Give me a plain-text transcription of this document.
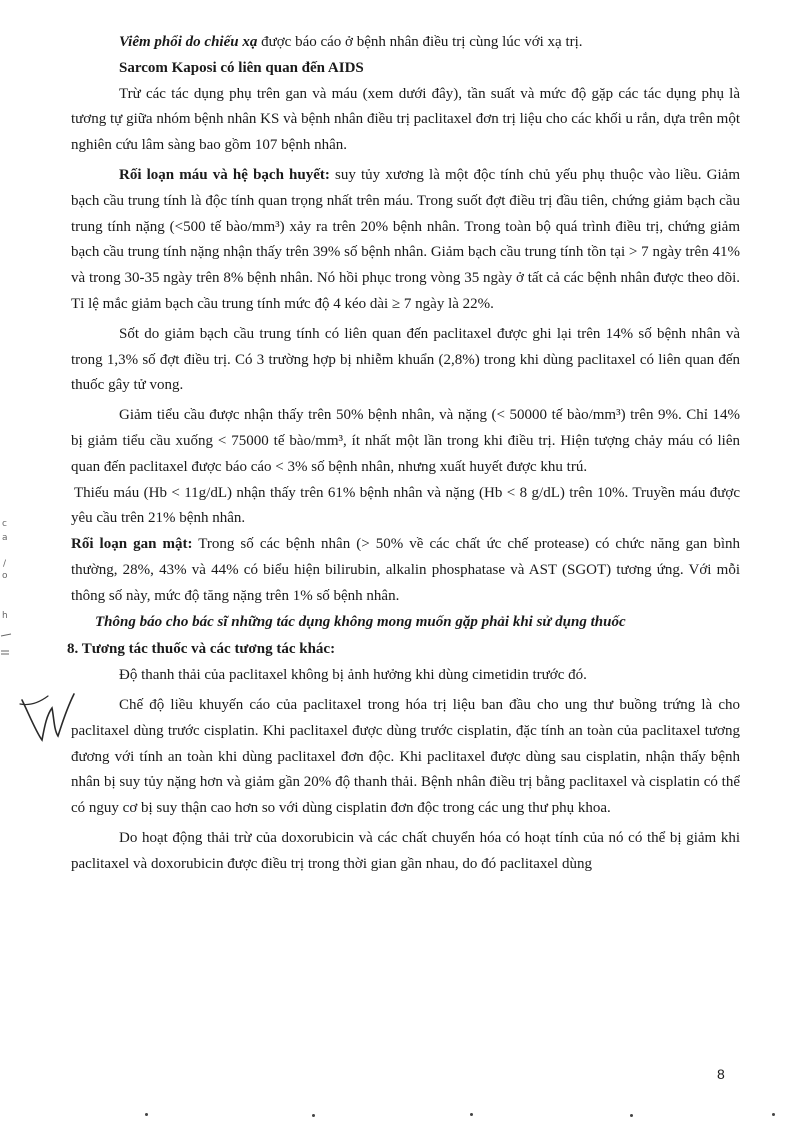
Viêm phổi do chiếu xạ được báo cáo ở bệnh nhân điều trị cùng lúc với xạ trị.

Sarcom Kaposi có liên quan đến AIDS

Trừ các tác dụng phụ trên gan và máu (xem dưới đây), tần suất và mức độ gặp các tác dụng phụ là tương tự giữa nhóm bệnh nhân KS và bệnh nhân điều trị paclitaxel đơn trị liệu cho các khối u rắn, dựa trên một nghiên cứu lâm sàng bao gồm 107 bệnh nhân.

Rối loạn máu và hệ bạch huyết: suy tủy xương là một độc tính chủ yếu phụ thuộc vào liều. Giảm bạch cầu trung tính là độc tính quan trọng nhất trên máu. Trong suốt đợt điều trị đầu tiên, chứng giảm bạch cầu trung tính nặng (<500 tế bào/mm³) xảy ra trên 20% bệnh nhân. Trong toàn bộ quá trình điều trị, chứng giảm bạch cầu trung tính nặng nhận thấy trên 39% số bệnh nhân. Giảm bạch cầu trung tính tồn tại > 7 ngày trên 41% và trong 30-35 ngày trên 8% bệnh nhân. Nó hồi phục trong vòng 35 ngày ở tất cả các bệnh nhân được theo dõi. Tỉ lệ mắc giảm bạch cầu trung tính mức độ 4 kéo dài ≥ 7 ngày là 22%.

Sốt do giảm bạch cầu trung tính có liên quan đến paclitaxel được ghi lại trên 14% số bệnh nhân và trong 1,3% số đợt điều trị. Có 3 trường hợp bị nhiễm khuẩn (2,8%) trong khi dùng paclitaxel có liên quan đến thuốc gây tử vong.

Giảm tiểu cầu được nhận thấy trên 50% bệnh nhân, và nặng (< 50000 tế bào/mm³) trên 9%. Chỉ 14% bị giảm tiểu cầu xuống < 75000 tế bào/mm³, ít nhất một lần trong khi điều trị. Hiện tượng chảy máu có liên quan đến paclitaxel được báo cáo < 3% số bệnh nhân, nhưng xuất huyết được khu trú.

Thiếu máu (Hb < 11g/dL) nhận thấy trên 61% bệnh nhân và nặng (Hb < 8 g/dL) trên 10%. Truyền máu được yêu cầu trên 21% bệnh nhân.

Rối loạn gan mật: Trong số các bệnh nhân (> 50% về các chất ức chế protease) có chức năng gan bình thường, 28%, 43% và 44% có biểu hiện bilirubin, alkalin phosphatase và AST (SGOT) tương ứng. Với mỗi thông số này, mức độ tăng nặng trên 1% số bệnh nhân.

Thông báo cho bác sĩ những tác dụng không mong muốn gặp phải khi sử dụng thuốc

8. Tương tác thuốc và các tương tác khác:

Độ thanh thải của paclitaxel không bị ảnh hưởng khi dùng cimetidin trước đó.

Chế độ liều khuyến cáo của paclitaxel trong hóa trị liệu ban đầu cho ung thư buồng trứng là cho paclitaxel dùng trước cisplatin. Khi paclitaxel được dùng trước cisplatin, đặc tính an toàn của paclitaxel tương đương với tính an toàn khi dùng paclitaxel đơn độc. Khi paclitaxel được dùng sau cisplatin, nhận thấy bệnh nhân bị suy tủy nặng hơn và giảm gần 20% độ thanh thải. Bệnh nhân điều trị bằng paclitaxel và cisplatin có thể có nguy cơ bị suy thận cao hơn so với dùng cisplatin đơn độc trong các ung thư phụ khoa.

Do hoạt động thải trừ của doxorubicin và các chất chuyển hóa có hoạt tính của nó có thể bị giảm khi paclitaxel và doxorubicin được điều trị trong thời gian gần nhau, do đó paclitaxel dùng

c
a
/
o
h
8
